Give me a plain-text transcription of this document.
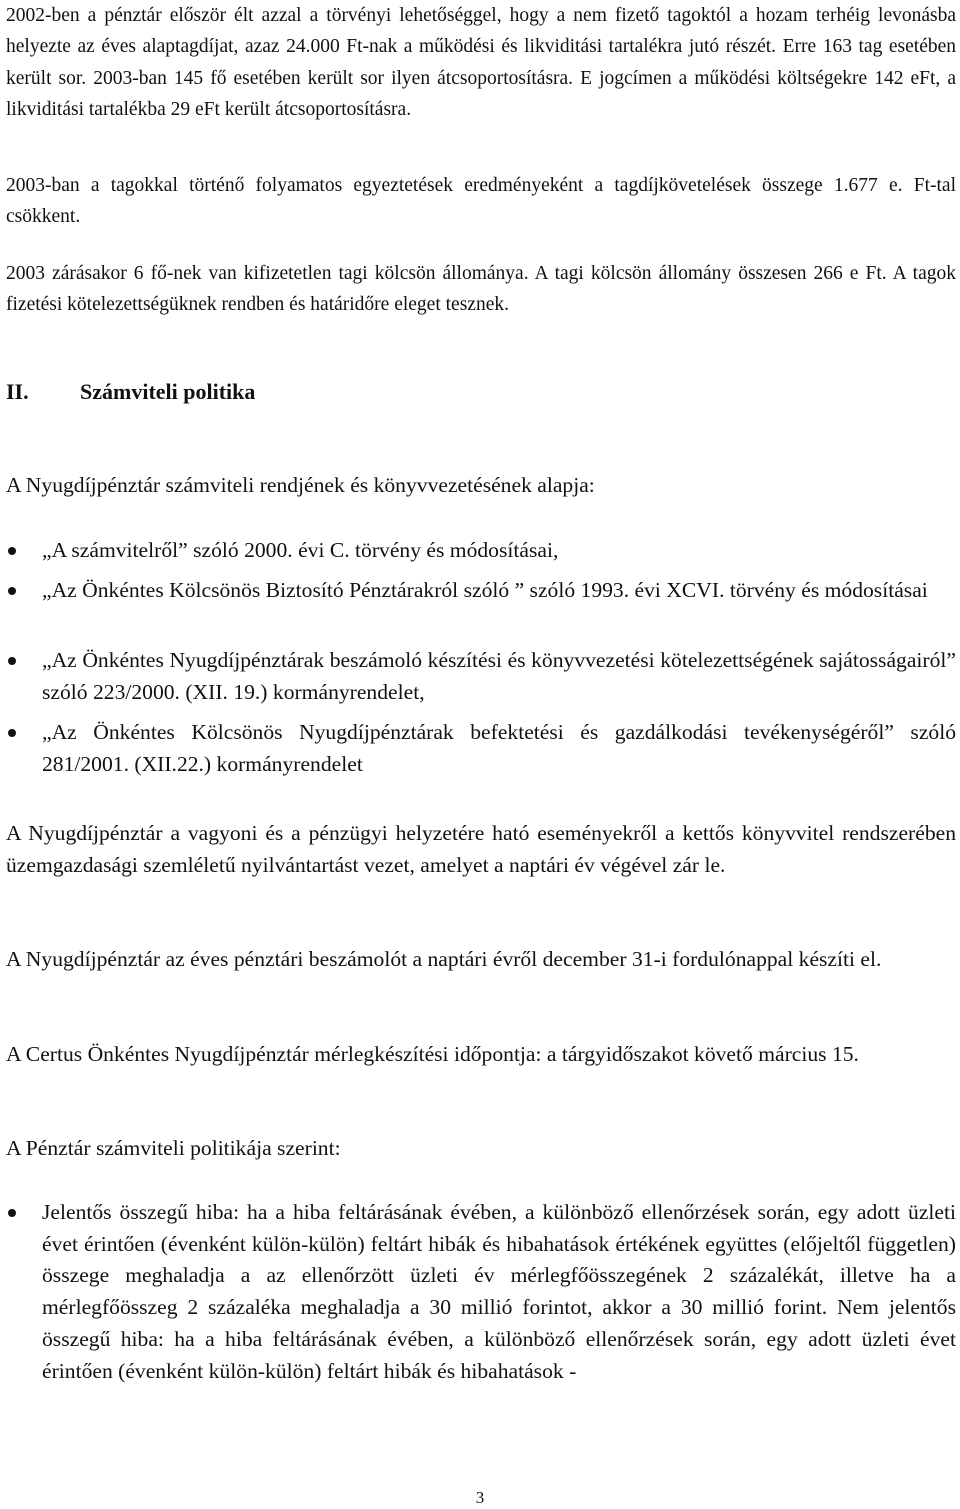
2002-ben a pénztár először élt azzal a törvényi lehetőséggel, hogy a nem fizető tagoktól a hozam terhéig levonásba helyezte az éves alaptagdíjat, azaz 24.000 Ft-nak a működési és likviditási tartalékra jutó részét. Erre 163 tag esetében került sor. 2003-ban 145 fő esetében került sor ilyen átcsoportosításra. E jogcímen a működési költségekre 142 eFt, a likviditási tartalékba 29 eFt került átcsoportosításra.
2003-ban a tagokkal történő folyamatos egyeztetések eredményeként a tagdíjkövetelések összege 1.677 e. Ft-tal csökkent.
2003 zárásakor 6 fő-nek van kifizetetlen tagi kölcsön állománya. A tagi kölcsön állomány összesen 266 e Ft. A tagok fizetési kötelezettségüknek rendben és határidőre eleget tesznek.
II. Számviteli politika
A Nyugdíjpénztár számviteli rendjének és könyvvezetésének alapja:
„A számvitelről” szóló 2000. évi C. törvény és módosításai,
„Az Önkéntes Kölcsönös Biztosító Pénztárakról szóló ” szóló 1993. évi XCVI. törvény és módosításai
„Az Önkéntes Nyugdíjpénztárak beszámoló készítési és könyvvezetési kötelezettségének sajátosságairól” szóló 223/2000. (XII. 19.) kormányrendelet,
„Az Önkéntes Kölcsönös Nyugdíjpénztárak befektetési és gazdálkodási tevékenységéről” szóló 281/2001. (XII.22.) kormányrendelet
A Nyugdíjpénztár a vagyoni és a pénzügyi helyzetére ható eseményekről a kettős könyvvitel rendszerében üzemgazdasági szemléletű nyilvántartást vezet, amelyet a naptári év végével zár le.
A Nyugdíjpénztár az éves pénztári beszámolót a naptári évről december 31-i fordulónappal készíti el.
A Certus Önkéntes Nyugdíjpénztár mérlegkészítési időpontja: a tárgyidőszakot követő március 15.
A Pénztár számviteli politikája szerint:
Jelentős összegű hiba: ha a hiba feltárásának évében, a különböző ellenőrzések során, egy adott üzleti évet érintően (évenként külön-külön) feltárt hibák és hibahatások értékének együttes (előjeltől független) összege meghaladja a az ellenőrzött üzleti év mérlegfőösszegének 2 százalékát, illetve ha a mérlegfőösszeg 2 százaléka meghaladja a 30 millió forintot, akkor a 30 millió forint. Nem jelentős összegű hiba: ha a hiba feltárásának évében, a különböző ellenőrzések során, egy adott üzleti évet érintően (évenként külön-külön) feltárt hibák és hibahatások -
3
